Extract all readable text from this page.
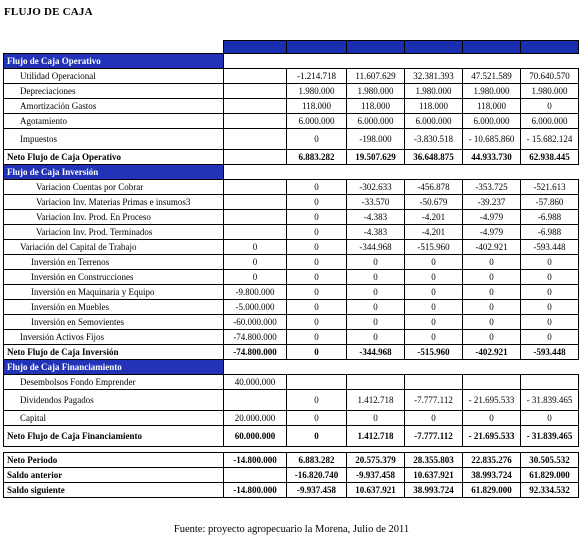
FLUJO DE CAJA
	Año 0	Año 1	Año 2	Año 3	Año 4	Año 5
Flujo de Caja Operativo						
Utilidad Operacional		-1.214.718	11.607.629	32.381.393	47.521.589	70.640.570
Depreciaciones		1.980.000	1.980.000	1.980.000	1.980.000	1.980.000
Amortización Gastos		118.000	118.000	118.000	118.000	0
Agotamiento		6.000.000	6.000.000	6.000.000	6.000.000	6.000.000
Impuestos		0	-198.000	-3.830.518	- 10.685.860	- 15.682.124
Neto Flujo de Caja Operativo		6.883.282	19.507.629	36.648.875	44.933.730	62.938.445
Flujo de Caja Inversión						
Variacion Cuentas por Cobrar		0	-302.633	-456.878	-353.725	-521.613
Variacion Inv. Materias Primas e insumos3		0	-33.570	-50.679	-39.237	-57.860
Variacion Inv. Prod. En Proceso		0	-4.383	-4.201	-4.979	-6.988
Variacion Inv. Prod. Terminados		0	-4.383	-4.201	-4.979	-6.988
Variación del Capital de Trabajo	0	0	-344.968	-515.960	-402.921	-593.448
Inversión en Terrenos	0	0	0	0	0	0
Inversión en Construcciones	0	0	0	0	0	0
Inversión en Maquinaria y Equipo	-9.800.000	0	0	0	0	0
Inversión en Muebles	-5.000.000	0	0	0	0	0
Inversión en Semovientes	-60.000.000	0	0	0	0	0
Inversión Activos Fijos	-74.800.000	0	0	0	0	0
Neto Flujo de Caja Inversión	-74.800.000	0	-344.968	-515.960	-402.921	-593.448
Flujo de Caja Financiamiento						
Desembolsos Fondo Emprender	40.000.000					
Dividendos Pagados		0	1.412.718	-7.777.112	- 21.695.533	- 31.839.465
Capital	20.000.000	0	0	0	0	0
Neto Flujo de Caja Financiamiento	60.000.000	0	1.412.718	-7.777.112	- 21.695.533	- 31.839.465

Neto Periodo	-14.800.000	6.883.282	20.575.379	28.355.803	22.835.276	30.505.532
Saldo anterior		-16.820.740	-9.937.458	10.637.921	38.993.724	61.829.000
Saldo siguiente	-14.800.000	-9.937.458	10.637.921	38.993.724	61.829.000	92.334.532
Fuente: proyecto agropecuario la Morena, Julio de 2011
